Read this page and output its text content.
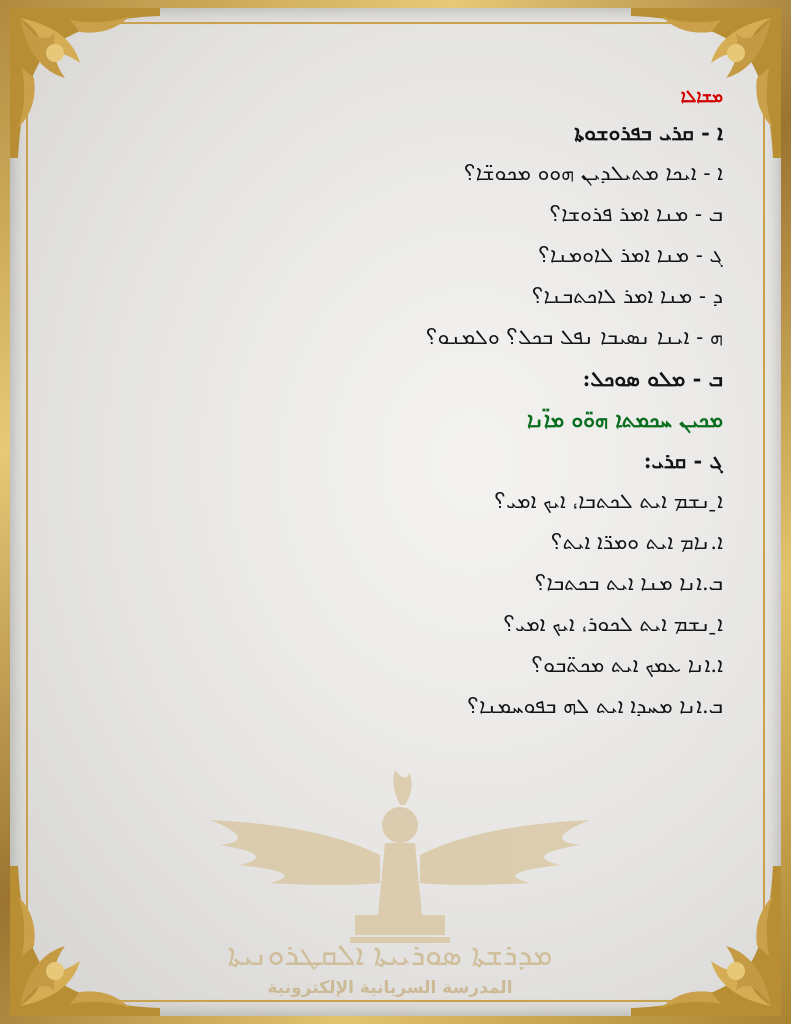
ܡܫܐܠܐ
ܐ - ܩܪܝ ܒܦܪܘܫܘܬܐ
ܐ - ܐܝܟܐ ܡܬܝܠܕܝܢ ܗܘܘ ܡܟܘܫ̈ܐ؟
ܒ - ܡܢܐ ܐܡܪ ܦܪܘܫܐ؟
ܓ - ܡܢܐ ܐܡܪ ܠܐܘܡܢܐ؟
ܕ - ܡܢܐ ܐܡܪ ܠܐܟܬܒܢܐ؟
ܗ - ܐܝܢܐ ܢܣܝܒܐ ܢܦܠ ܒܟܠ؟ ܘܠܡܢܘ؟
ܒ - ܡܠܘ ܣܘܟܠ:
ܡܟܝܢ ܚܟܡܬܐ ܗܘ̈ܘ ܡܐ̈ܢܐ
ܓ - ܩܪܝ:
ܐ̱ ܢܫܡ ܐܝܬ ܠܟܬܒܐ، ܐܝܟ ܐܡܝ؟
ܐ.ܢܐܡ ܐܝܬ ܘܡܪ̈ܐ ܐܝܬ؟
ܒ.ܐܢܐ ܡܢܐ ܐܝܬ ܒܟܬܒܐ؟
ܐ̱ ܢܫܡ ܐܝܬ ܠܟܘܪ، ܐܝܟ ܐܡܝ؟
ܐ.ܐܢܐ ܥܡܟ ܐܝܬ ܡܟܬ̈ܒܘ؟
ܒ.ܐܢܐ ܡܚܕܐ ܐܝܬ ܠܗ ܒܦܘܚܡܢܐ؟
ܡܕܪܫܬܐ ܣܘܪܝܝܬܐ ܐܠܩܛܪܘܢܝܬܐ
المدرسة السريانية الإلكترونية
